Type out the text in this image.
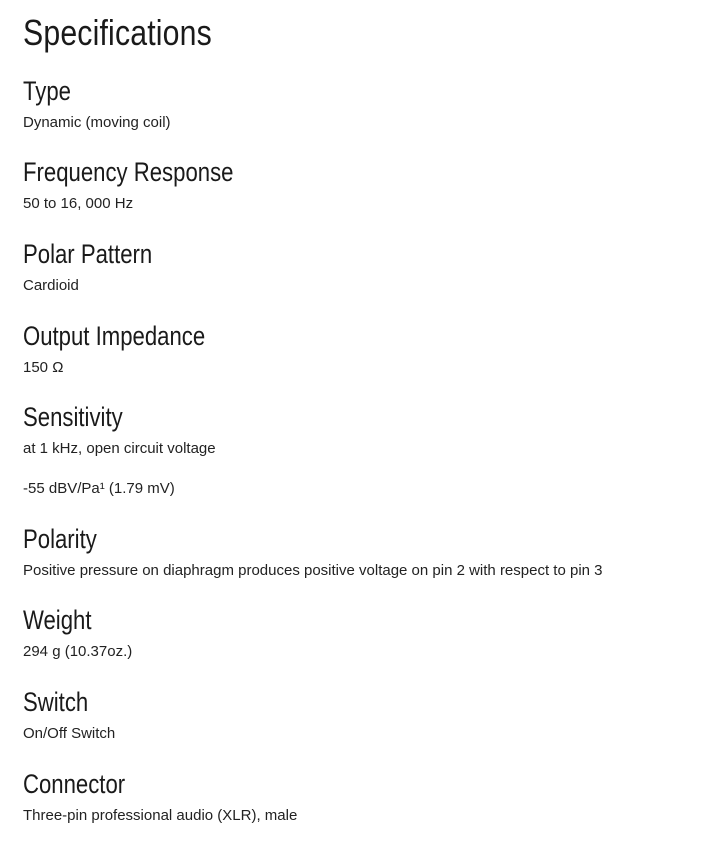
Specifications
Type
Dynamic (moving coil)
Frequency Response
50 to 16, 000 Hz
Polar Pattern
Cardioid
Output Impedance
150 Ω
Sensitivity
at 1 kHz, open circuit voltage
-55 dBV/Pa¹ (1.79 mV)
Polarity
Positive pressure on diaphragm produces positive voltage on pin 2 with respect to pin 3
Weight
294 g (10.37oz.)
Switch
On/Off Switch
Connector
Three-pin professional audio (XLR), male
